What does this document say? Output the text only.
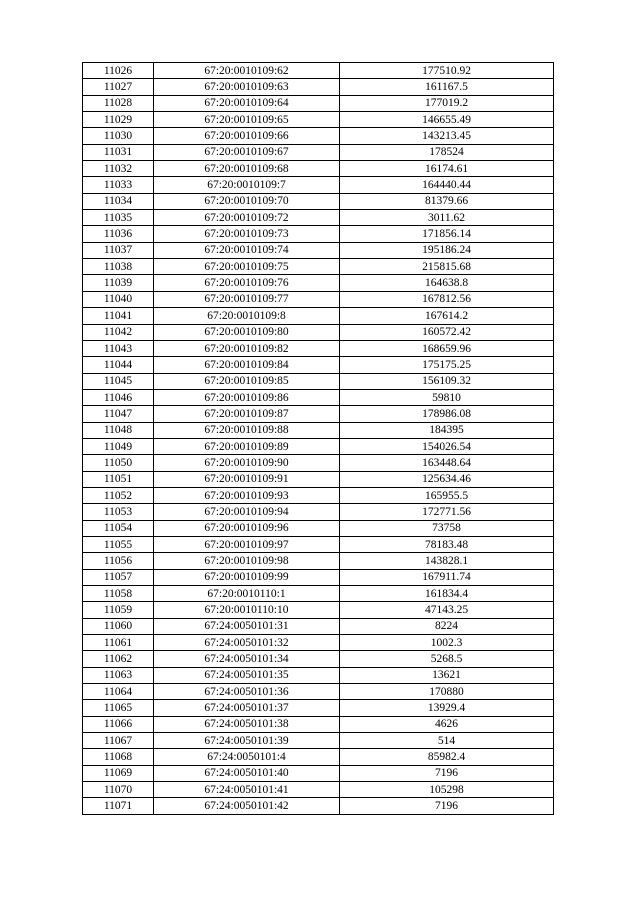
11026	67:20:0010109:62	177510.92
11027	67:20:0010109:63	161167.5
11028	67:20:0010109:64	177019.2
11029	67:20:0010109:65	146655.49
11030	67:20:0010109:66	143213.45
11031	67:20:0010109:67	178524
11032	67:20:0010109:68	16174.61
11033	67:20:0010109:7	164440.44
11034	67:20:0010109:70	81379.66
11035	67:20:0010109:72	3011.62
11036	67:20:0010109:73	171856.14
11037	67:20:0010109:74	195186.24
11038	67:20:0010109:75	215815.68
11039	67:20:0010109:76	164638.8
11040	67:20:0010109:77	167812.56
11041	67:20:0010109:8	167614.2
11042	67:20:0010109:80	160572.42
11043	67:20:0010109:82	168659.96
11044	67:20:0010109:84	175175.25
11045	67:20:0010109:85	156109.32
11046	67:20:0010109:86	59810
11047	67:20:0010109:87	178986.08
11048	67:20:0010109:88	184395
11049	67:20:0010109:89	154026.54
11050	67:20:0010109:90	163448.64
11051	67:20:0010109:91	125634.46
11052	67:20:0010109:93	165955.5
11053	67:20:0010109:94	172771.56
11054	67:20:0010109:96	73758
11055	67:20:0010109:97	78183.48
11056	67:20:0010109:98	143828.1
11057	67:20:0010109:99	167911.74
11058	67:20:0010110:1	161834.4
11059	67:20:0010110:10	47143.25
11060	67:24:0050101:31	8224
11061	67:24:0050101:32	1002.3
11062	67:24:0050101:34	5268.5
11063	67:24:0050101:35	13621
11064	67:24:0050101:36	170880
11065	67:24:0050101:37	13929.4
11066	67:24:0050101:38	4626
11067	67:24:0050101:39	514
11068	67:24:0050101:4	85982.4
11069	67:24:0050101:40	7196
11070	67:24:0050101:41	105298
11071	67:24:0050101:42	7196
